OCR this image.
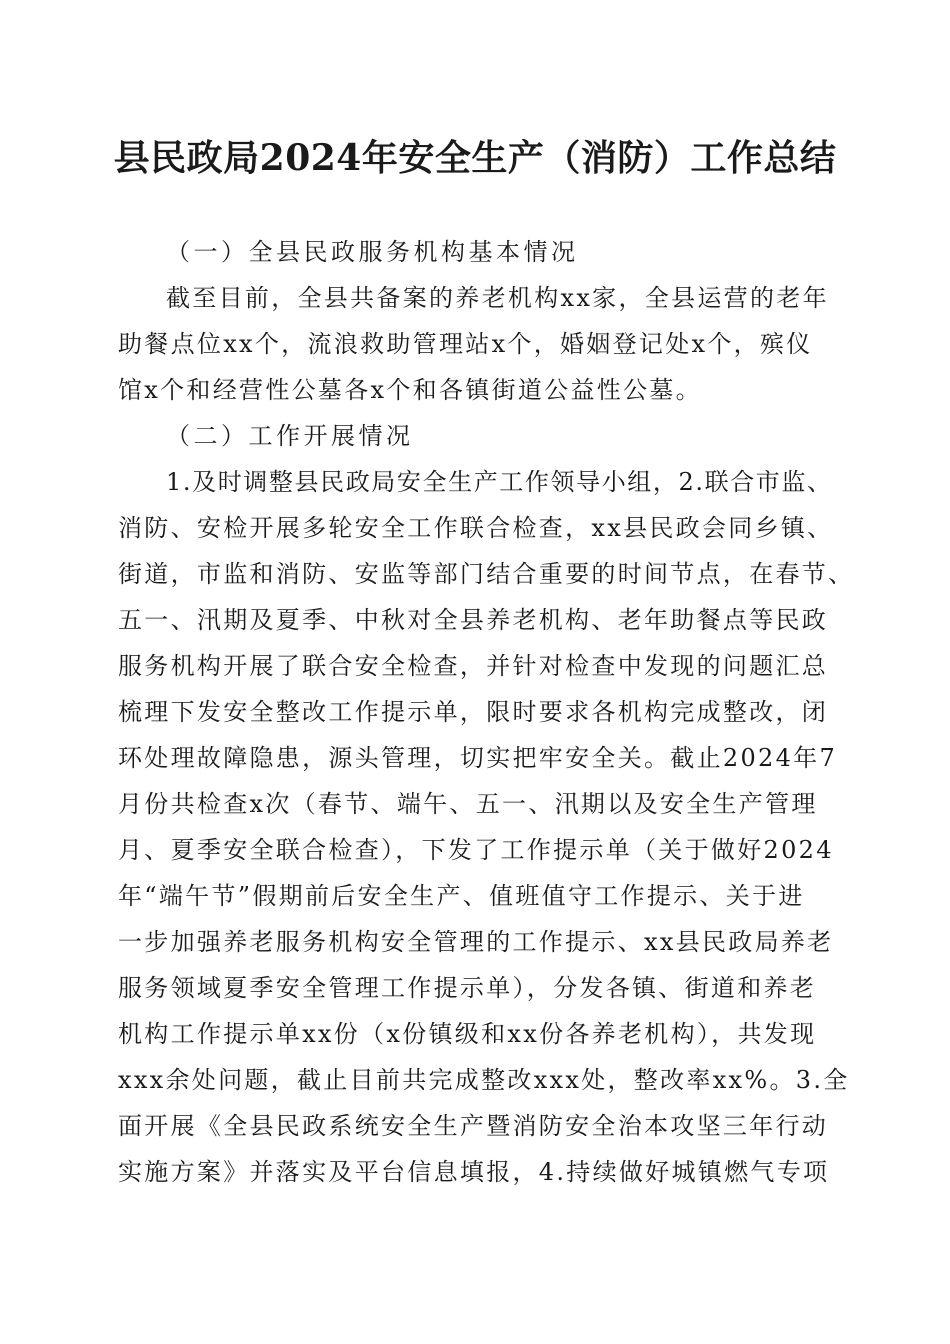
县民政局2024年安全生产（消防）工作总结
（一）全县民政服务机构基本情况
截至目前，全县共备案的养老机构xx家，全县运营的老年
助餐点位xx个，流浪救助管理站x个，婚姻登记处x个，殡仪
馆x个和经营性公墓各x个和各镇街道公益性公墓。
（二）工作开展情况
1.及时调整县民政局安全生产工作领导小组，2.联合市监、
消防、安检开展多轮安全工作联合检查，xx县民政会同乡镇、
街道，市监和消防、安监等部门结合重要的时间节点，在春节、
五一、汛期及夏季、中秋对全县养老机构、老年助餐点等民政
服务机构开展了联合安全检查，并针对检查中发现的问题汇总
梳理下发安全整改工作提示单，限时要求各机构完成整改，闭
环处理故障隐患，源头管理，切实把牢安全关。截止2024年7
月份共检查x次（春节、端午、五一、汛期以及安全生产管理
月、夏季安全联合检查），下发了工作提示单（关于做好2024
年“端午节”假期前后安全生产、值班值守工作提示、关于进
一步加强养老服务机构安全管理的工作提示、xx县民政局养老
服务领域夏季安全管理工作提示单），分发各镇、街道和养老
机构工作提示单xx份（x份镇级和xx份各养老机构），共发现
xxx余处问题，截止目前共完成整改xxx处，整改率xx%。3.全
面开展《全县民政系统安全生产暨消防安全治本攻坚三年行动
实施方案》并落实及平台信息填报，4.持续做好城镇燃气专项
